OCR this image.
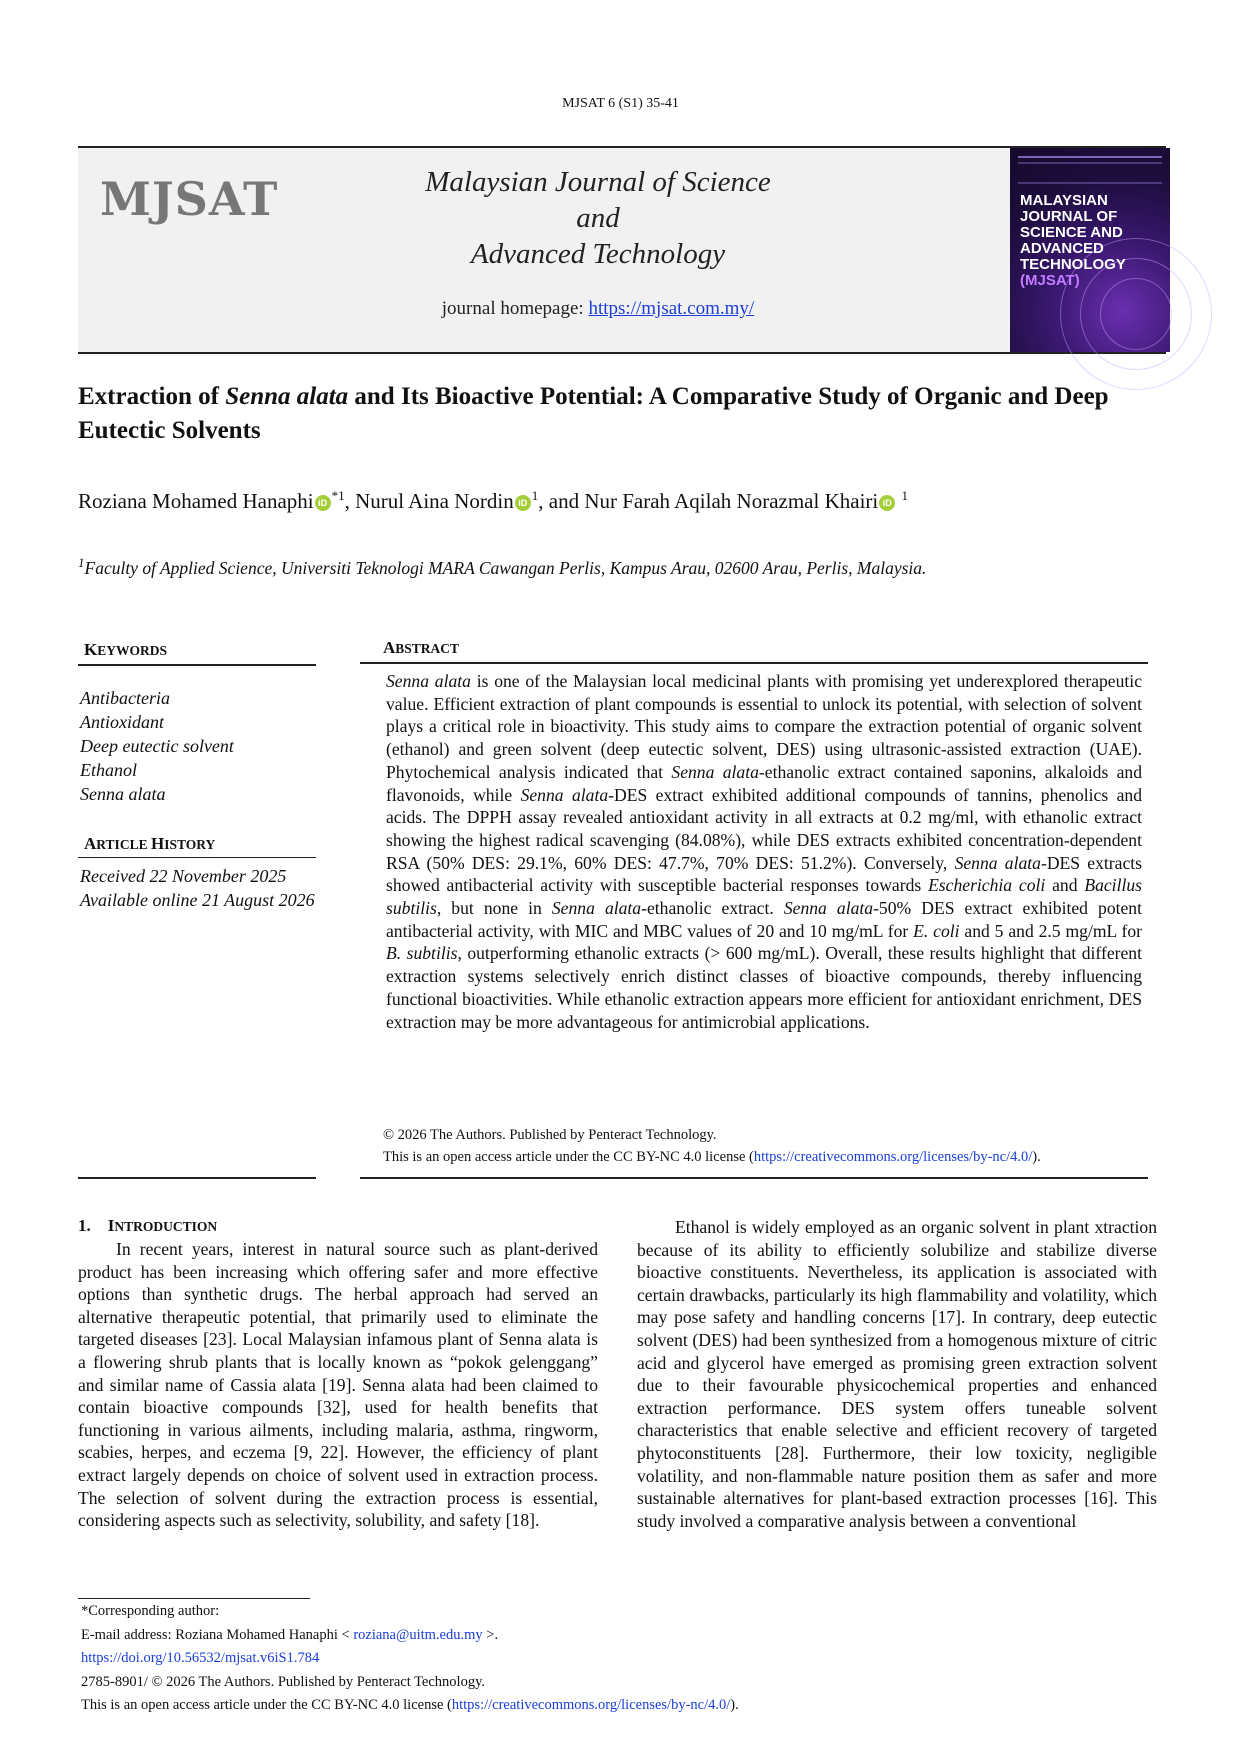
MJSAT 6 (S1) 35-41
MJSAT	Malaysian Journal of Science
and
Advanced Technology
journal homepage: https://mjsat.com.my/
MALAYSIAN
JOURNAL OF
SCIENCE AND
ADVANCED
TECHNOLOGY
(MJSAT)
Extraction of Senna alata and Its Bioactive Potential: A Comparative Study of Organic and Deep Eutectic Solvents
Roziana Mohamed Hanaphi iD $^{*1}$, Nurul Aina Nordin iD $^1$, and Nur Farah Aqilah Norazmal Khairi iD $^1$
$^1$Faculty of Applied Science, Universiti Teknologi MARA Cawangan Perlis, Kampus Arau, 02600 Arau, Perlis, Malaysia.
KEYWORDS
Antibacteria
Antioxidant
Deep eutectic solvent
Ethanol
Senna alata
ARTICLE HISTORY
Received 22 November 2025
Available online 21 August 2026
ABSTRACT
Senna alata is one of the Malaysian local medicinal plants with promising yet underexplored therapeutic value. Efficient extraction of plant compounds is essential to unlock its potential, with selection of solvent plays a critical role in bioactivity. This study aims to compare the extraction potential of organic solvent (ethanol) and green solvent (deep eutectic solvent, DES) using ultrasonic-assisted extraction (UAE). Phytochemical analysis indicated that Senna alata-ethanolic extract contained saponins, alkaloids and flavonoids, while Senna alata-DES extract exhibited additional compounds of tannins, phenolics and acids. The DPPH assay revealed antioxidant activity in all extracts at 0.2 mg/ml, with ethanolic extract showing the highest radical scavenging (84.08%), while DES extracts exhibited concentration-dependent RSA (50% DES: 29.1%, 60% DES: 47.7%, 70% DES: 51.2%). Conversely, Senna alata-DES extracts showed antibacterial activity with susceptible bacterial responses towards Escherichia coli and Bacillus subtilis, but none in Senna alata-ethanolic extract. Senna alata-50% DES extract exhibited potent antibacterial activity, with MIC and MBC values of 20 and 10 mg/mL for E. coli and 5 and 2.5 mg/mL for B. subtilis, outperforming ethanolic extracts (> 600 mg/mL). Overall, these results highlight that different extraction systems selectively enrich distinct classes of bioactive compounds, thereby influencing functional bioactivities. While ethanolic extraction appears more efficient for antioxidant enrichment, DES extraction may be more advantageous for antimicrobial applications.
© 2026 The Authors. Published by Penteract Technology.
This is an open access article under the CC BY-NC 4.0 license (https://creativecommons.org/licenses/by-nc/4.0/).
1. INTRODUCTION
In recent years, interest in natural source such as plant-derived product has been increasing which offering safer and more effective options than synthetic drugs. The herbal approach had served an alternative therapeutic potential, that primarily used to eliminate the targeted diseases [23]. Local Malaysian infamous plant of Senna alata is a flowering shrub plants that is locally known as “pokok gelenggang” and similar name of Cassia alata [19]. Senna alata had been claimed to contain bioactive compounds [32], used for health benefits that functioning in various ailments, including malaria, asthma, ringworm, scabies, herpes, and eczema [9, 22]. However, the efficiency of plant extract largely depends on choice of solvent used in extraction process. The selection of solvent during the extraction process is essential, considering aspects such as selectivity, solubility, and safety [18].
Ethanol is widely employed as an organic solvent in plant xtraction because of its ability to efficiently solubilize and stabilize diverse bioactive constituents. Nevertheless, its application is associated with certain drawbacks, particularly its high flammability and volatility, which may pose safety and handling concerns [17]. In contrary, deep eutectic solvent (DES) had been synthesized from a homogenous mixture of citric acid and glycerol have emerged as promising green extraction solvent due to their favourable physicochemical properties and enhanced extraction performance. DES system offers tuneable solvent characteristics that enable selective and efficient recovery of targeted phytoconstituents [28]. Furthermore, their low toxicity, negligible volatility, and non-flammable nature position them as safer and more sustainable alternatives for plant-based extraction processes [16]. This study involved a comparative analysis between a conventional
*Corresponding author:
E-mail address: Roziana Mohamed Hanaphi < roziana@uitm.edu.my >.
https://doi.org/10.56532/mjsat.v6iS1.784
2785-8901/ © 2026 The Authors. Published by Penteract Technology.
This is an open access article under the CC BY-NC 4.0 license (https://creativecommons.org/licenses/by-nc/4.0/).
